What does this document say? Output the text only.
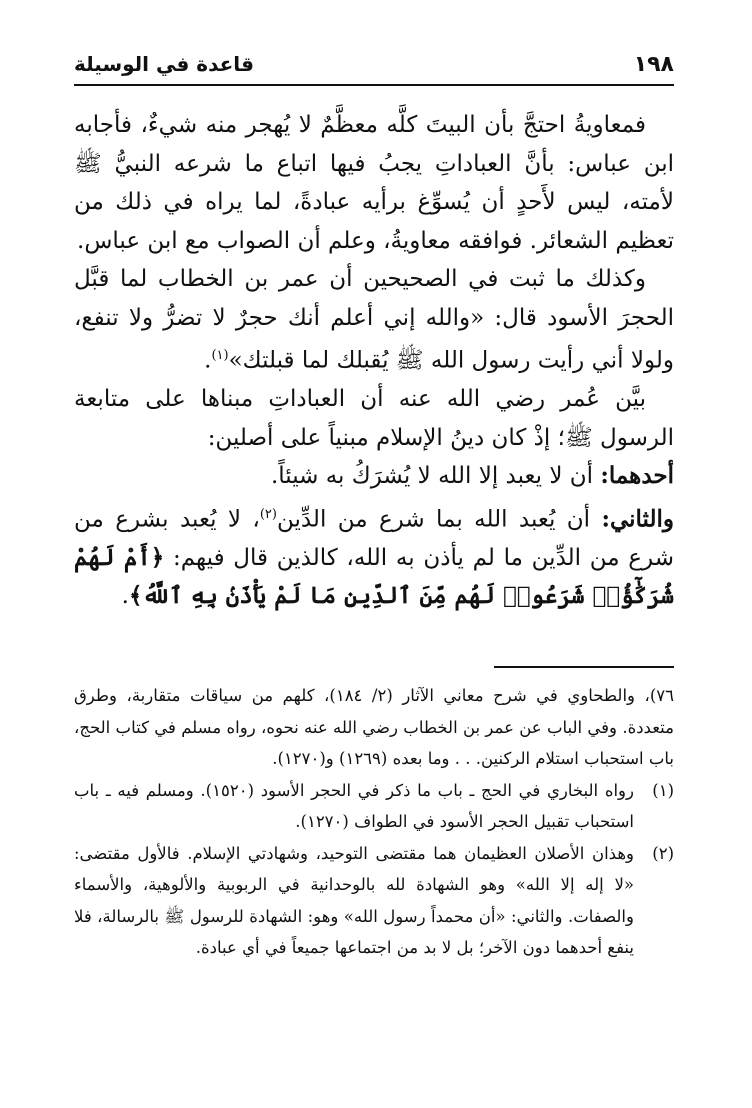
١٩٨
قاعدة في الوسيلة

فمعاويةُ احتجَّ بأن البيتَ كلَّه معظَّمٌ لا يُهجر منه شيءٌ، فأجابه ابن عباس: بأنَّ العباداتِ يجبُ فيها اتباع ما شرعه النبيُّ ﷺ لأمته، ليس لأَحدٍ أن يُسوِّغ برأيه عبادةً، لما يراه في ذلك من تعظيم الشعائر. فوافقه معاويةُ، وعلم أن الصواب مع ابن عباس.

وكذلك ما ثبت في الصحيحين أن عمر بن الخطاب لما قبَّل الحجرَ الأسود قال: «والله إني أعلم أنك حجرٌ لا تضرُّ ولا تنفع، ولولا أني رأيت رسول الله ﷺ يُقبلك لما قبلتك»$^{(١)}$.

بيَّن عُمر رضي الله عنه أن العباداتِ مبناها على متابعة الرسول ﷺ؛ إذْ كان دينُ الإسلام مبنياً على أصلين:

أحدهما: أن لا يعبد إلا الله لا يُشرَكُ به شيئاً.

والثاني: أن يُعبد الله بما شرع من الدِّين$^{(٢)}$، لا يُعبد بشرع من شرع من الدِّين ما لم يأذن به الله، كالذين قال فيهم: ﴿أَمْ لَهُمْ شُرَكَٰٓؤُا۟ شَرَعُوا۟ لَهُم مِّنَ ٱلدِّينِ مَا لَمْ يَأْذَنۢ بِهِ ٱللَّهُ﴾.

٧٦)، والطحاوي في شرح معاني الآثار (٢/ ١٨٤)، كلهم من سياقات متقاربة، وطرق متعددة. وفي الباب عن عمر بن الخطاب رضي الله عنه نحوه، رواه مسلم في كتاب الحج، باب استحباب استلام الركنين. . . وما بعده (١٢٦٩) و(١٢٧٠).

(١)
رواه البخاري في الحج ـ باب ما ذكر في الحجر الأسود (١٥٢٠). ومسلم فيه ـ باب استحباب تقبيل الحجر الأسود في الطواف (١٢٧٠).

(٢)
وهذان الأصلان العظيمان هما مقتضى التوحيد، وشهادتي الإسلام. فالأول مقتضى: «لا إله إلا الله» وهو الشهادة لله بالوحدانية في الربوبية والألوهية، والأسماء والصفات. والثاني: «أن محمداً رسول الله» وهو: الشهادة للرسول ﷺ بالرسالة، فلا ينفع أحدهما دون الآخر؛ بل لا بد من اجتماعها جميعاً في أي عبادة.
